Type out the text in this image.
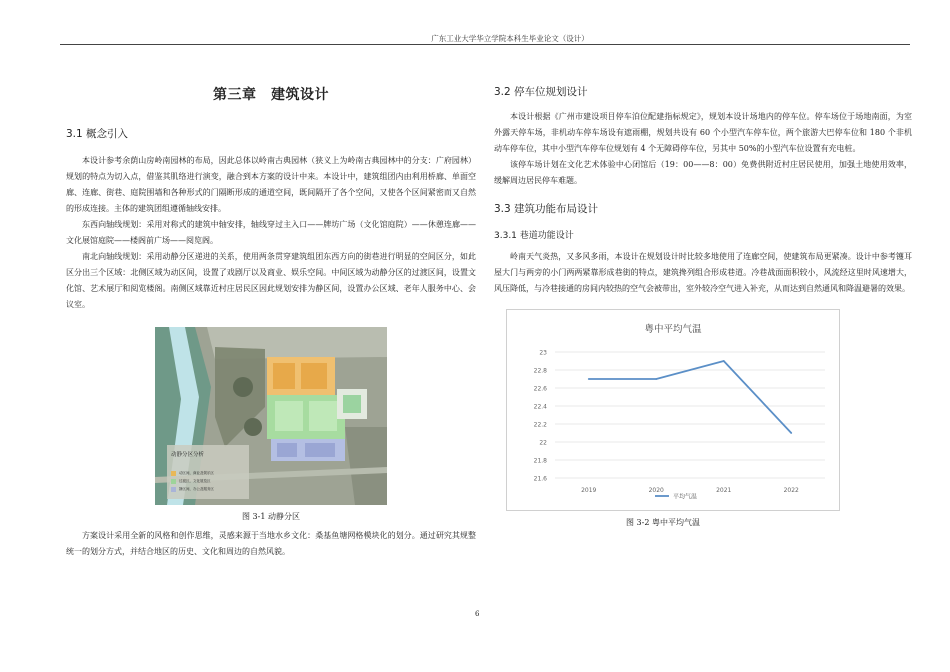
广东工业大学华立学院本科生毕业论文（设计）
第三章　建筑设计
3.1 概念引入

本设计参考余荫山房岭南园林的布局，因此总体以岭南古典园林（狭义上为岭南古典园林中的分支：广府园林）规划的特点为切入点，借鉴其肌络进行演变，融合到本方案的设计中来。本设计中，建筑组团内由利用桥廊、单面空廊、连廊、街巷、庭院围墙和各种形式的门隔断形成的通道空间，既间隔开了各个空间，又使各个区间紧密而又自然的形成连接。主体的建筑团组遵循轴线安排。

东西向轴线规划：采用对称式的建筑中轴安排，轴线穿过主入口——牌坊广场（文化馆庭院）——休憩连廊——文化展馆庭院——楼阁前广场——阅览阁。

南北向轴线规划：采用动静分区递进的关系，使用两条贯穿建筑组团东西方向的街巷进行明显的空间区分，如此区分出三个区域：北侧区域为动区间，设置了戏剧厅以及商业、娱乐空间。中间区域为动静分区的过渡区间，设置文化馆、艺术展厅和阅览楼阁。南侧区域靠近村庄居民区因此规划安排为静区间，设置办公区域、老年人服务中心、会议室。

动静分区分析
动区间，商业及娱乐区
过渡区，文化展览区
静区间，办公及服务区
图 3-1 动静分区

方案设计采用全新的风格和创作思维，灵感来源于当地水乡文化：桑基鱼塘网格模块化的划分。通过研究其规整统一的划分方式，并结合地区的历史、文化和周边的自然风貌。

3.2 停车位规划设计

本设计根据《广州市建设项目停车泊位配建指标规定》，规划本设计场地内的停车位。停车场位于场地南面，为室外露天停车场，非机动车停车场设有遮雨棚，规划共设有 60 个小型汽车停车位，两个旅游大巴停车位和 180 个非机动车停车位，其中小型汽车停车位规划有 4 个无障碍停车位，另其中 50%的小型汽车位设置有充电桩。

该停车场计划在文化艺术体验中心闭馆后（19：00——8：00）免费供附近村庄居民使用，加强土地使用效率，缓解周边居民停车难题。

3.3 建筑功能布局设计
3.3.1 巷道功能设计

岭南天气炎热，又多风多雨，本设计在规划设计时比较多地使用了连廊空间，使建筑布局更紧凑。设计中参考镬耳屋大门与两旁的小门两两紧靠形成巷街的特点，建筑搀列组合形成巷道。冷巷战面面积较小，风流经这里时风速增大，风压降低，与冷巷接通的房间内较热的空气会被带出，室外较冷空气进入补充，从而达到自然通风和降温避暑的效果。

粤中平均气温
21.6
21.8
22
22.2
22.4
22.6
22.8
23
2019	2020	2021	2022
平均气温
图 3-2 粤中平均气温
6
